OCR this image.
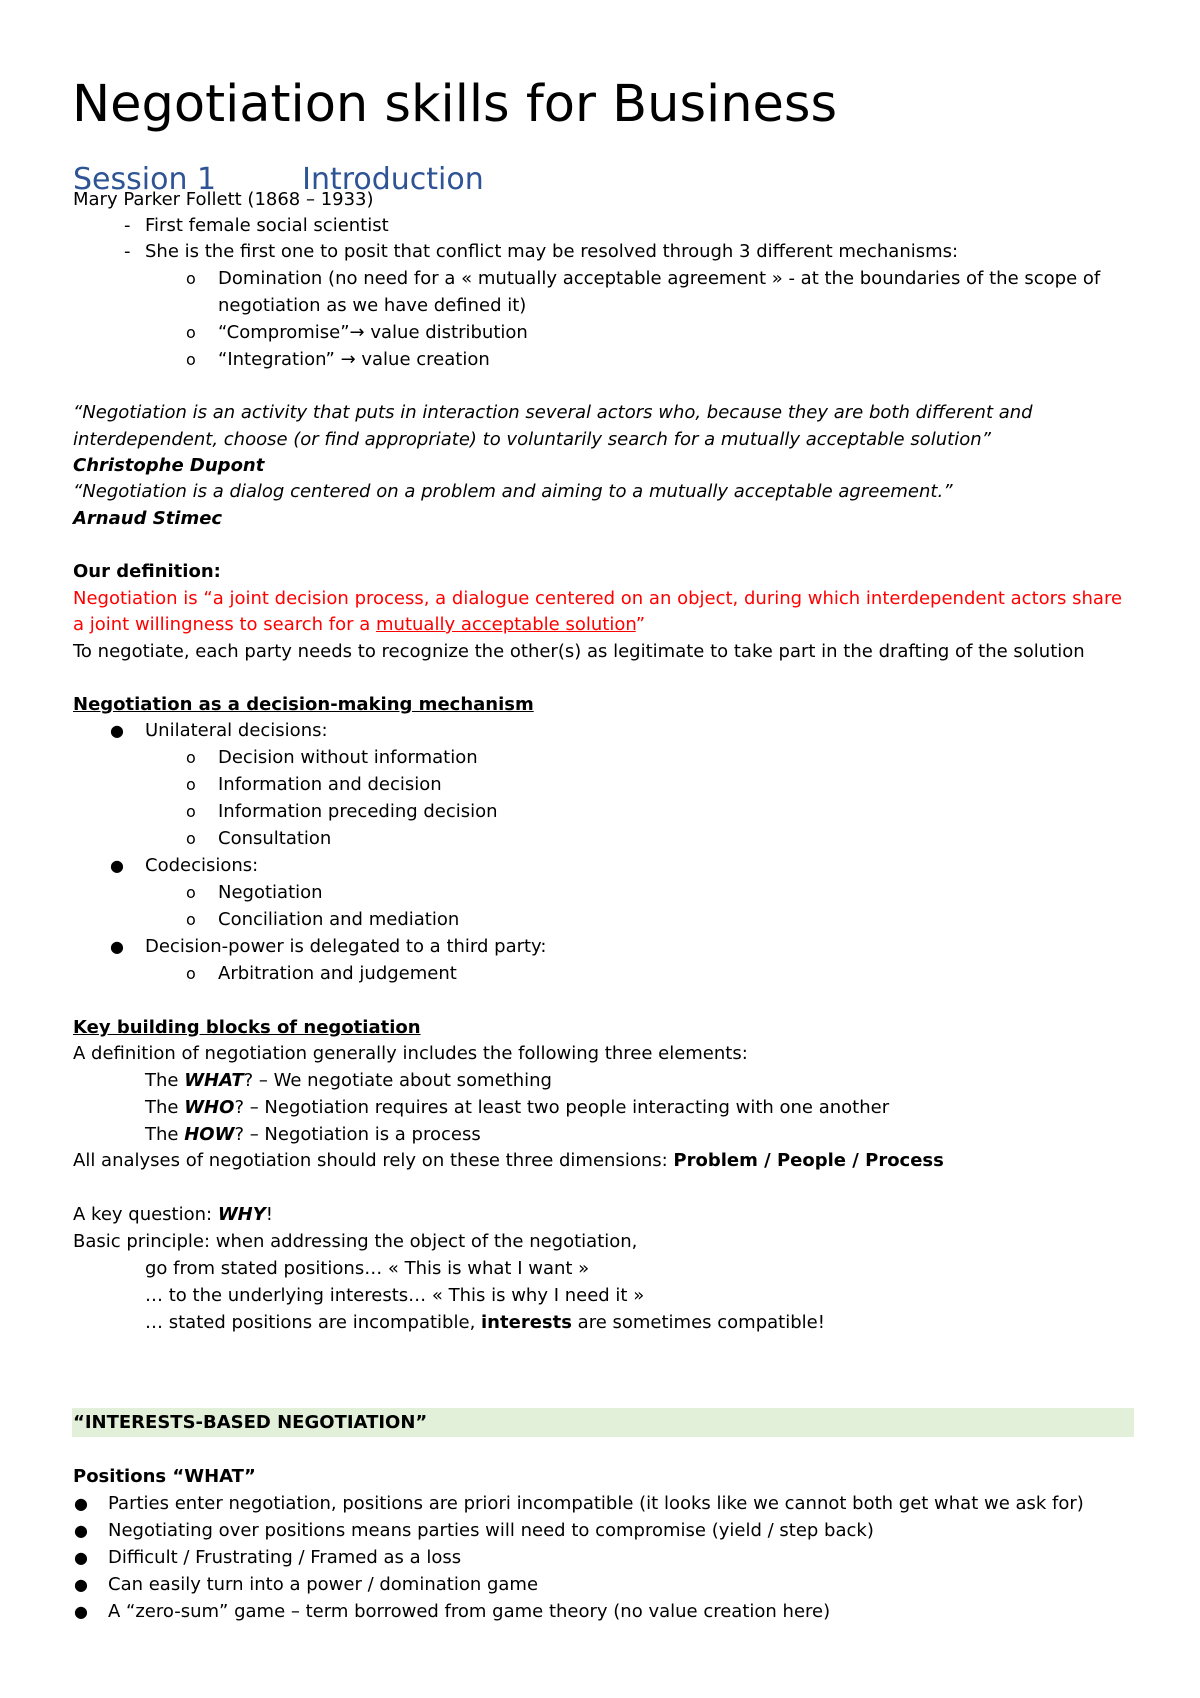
Negotiation skills for Business
Session 1	Introduction
Mary Parker Follett (1868 – 1933)
- First female social scientist
- She is the first one to posit that conflict may be resolved through 3 different mechanisms:
o Domination (no need for a « mutually acceptable agreement » - at the boundaries of the scope of
negotiation as we have defined it)
o “Compromise”→ value distribution
o “Integration” → value creation
“Negotiation is an activity that puts in interaction several actors who, because they are both different and
interdependent, choose (or find appropriate) to voluntarily search for a mutually acceptable solution”
Christophe Dupont
“Negotiation is a dialog centered on a problem and aiming to a mutually acceptable agreement.”
Arnaud Stimec
Our definition:
Negotiation is “a joint decision process, a dialogue centered on an object, during which interdependent actors share
a joint willingness to search for a mutually acceptable solution”
To negotiate, each party needs to recognize the other(s) as legitimate to take part in the drafting of the solution
Negotiation as a decision-making mechanism
● Unilateral decisions:
o Decision without information
o Information and decision
o Information preceding decision
o Consultation
● Codecisions:
o Negotiation
o Conciliation and mediation
● Decision-power is delegated to a third party:
o Arbitration and judgement
Key building blocks of negotiation
A definition of negotiation generally includes the following three elements:
The WHAT? – We negotiate about something
The WHO? – Negotiation requires at least two people interacting with one another
The HOW? – Negotiation is a process
All analyses of negotiation should rely on these three dimensions: Problem / People / Process
A key question: WHY!
Basic principle: when addressing the object of the negotiation,
go from stated positions… « This is what I want »
… to the underlying interests… « This is why I need it »
… stated positions are incompatible, interests are sometimes compatible!
“INTERESTS-BASED NEGOTIATION”
Positions “WHAT”
● Parties enter negotiation, positions are priori incompatible (it looks like we cannot both get what we ask for)
● Negotiating over positions means parties will need to compromise (yield / step back)
● Difficult / Frustrating / Framed as a loss
● Can easily turn into a power / domination game
● A “zero-sum” game – term borrowed from game theory (no value creation here)
